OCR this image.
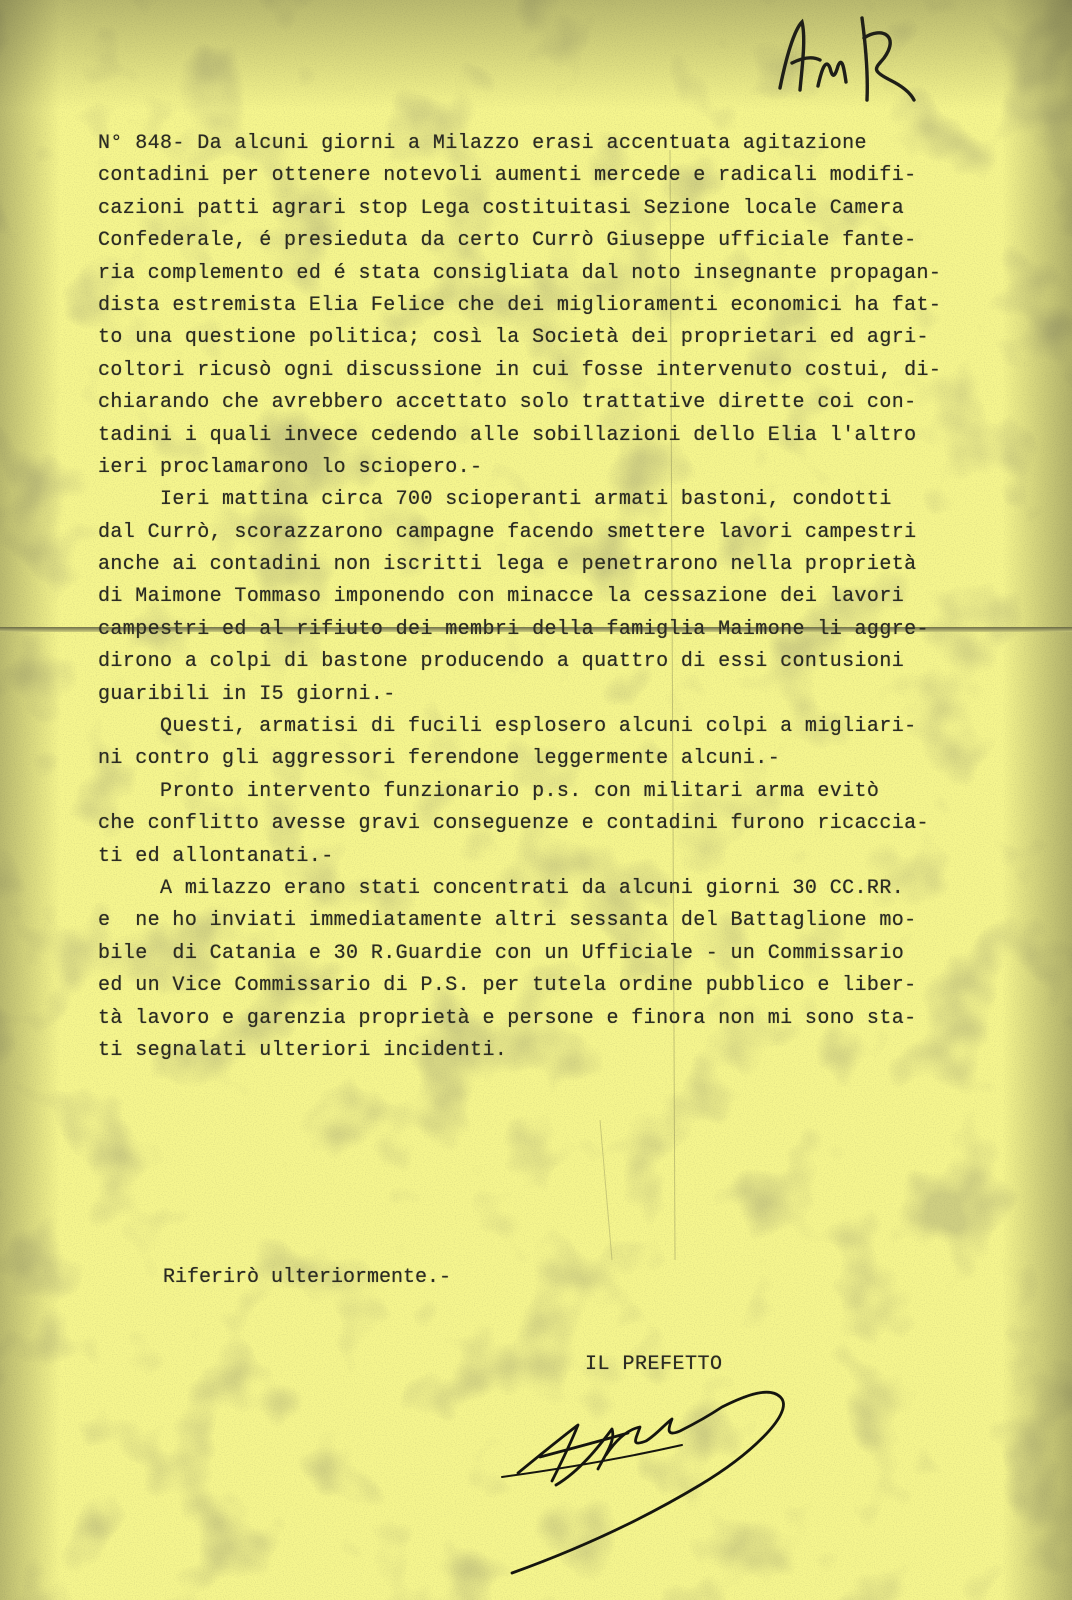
N° 848- Da alcuni giorni a Milazzo erasi accentuata agitazione
contadini per ottenere notevoli aumenti mercede e radicali modifi-
cazioni patti agrari stop Lega costituitasi Sezione locale Camera
Confederale, é presieduta da certo Currò Giuseppe ufficiale fante-
ria complemento ed é stata consigliata dal noto insegnante propagan-
dista estremista Elia Felice che dei miglioramenti economici ha fat-
to una questione politica; così la Società dei proprietari ed agri-
coltori ricusò ogni discussione in cui fosse intervenuto costui, di-
chiarando che avrebbero accettato solo trattative dirette coi con-
tadini i quali invece cedendo alle sobillazioni dello Elia l'altro
ieri proclamarono lo sciopero.-
Ieri mattina circa 700 scioperanti armati bastoni, condotti
dal Currò, scorazzarono campagne facendo smettere lavori campestri
anche ai contadini non iscritti lega e penetrarono nella proprietà
di Maimone Tommaso imponendo con minacce la cessazione dei lavori
campestri ed al rifiuto dei membri della famiglia Maimone li aggre-
dirono a colpi di bastone producendo a quattro di essi contusioni
guaribili in I5 giorni.-
Questi, armatisi di fucili esplosero alcuni colpi a migliari-
ni contro gli aggressori ferendone leggermente alcuni.-
Pronto intervento funzionario p.s. con militari arma evitò
che conflitto avesse gravi conseguenze e contadini furono ricacciа-
ti ed allontanati.-
A milazzo erano stati concentrati da alcuni giorni 30 CC.RR.
e  ne ho inviati immediatamente altri sessanta del Battaglione mo-
bile  di Catania e 30 R.Guardie con un Ufficiale - un Commissario
ed un Vice Commissario di P.S. per tutela ordine pubblico e liber-
tà lavoro e garenzia proprietà e persone e finora non mi sono sta-
ti segnalati ulteriori incidenti.
Riferirò ulteriormente.-
IL PREFETTO
